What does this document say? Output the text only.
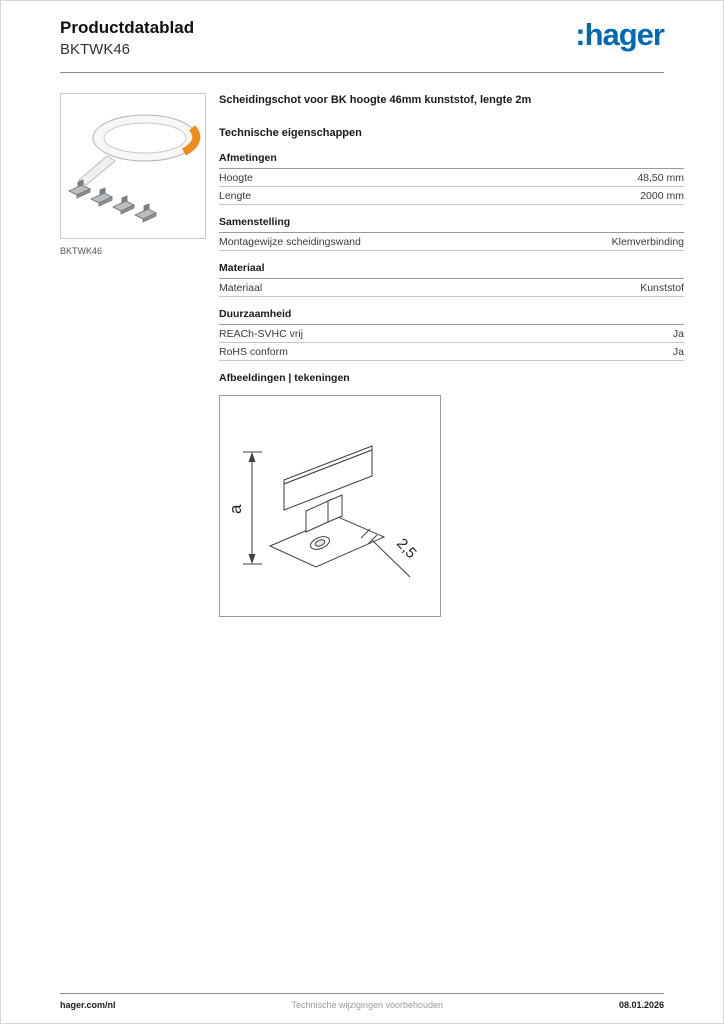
Productdatablad
BKTWK46	:hager
BKTWK46
Scheidingschot voor BK hoogte 46mm kunststof, lengte 2m
Technische eigenschappen
Afmetingen
Hoogte	48,50 mm
Lengte	2000 mm
Samenstelling
Montagewijze scheidingswand	Klemverbinding
Materiaal
Materiaal	Kunststof
Duurzaamheid
REACh-SVHC vrij	Ja
RoHS conform	Ja
Afbeeldingen | tekeningen
a
2,5
hager.com/nl	Technische wijzigingen voorbehouden	08.01.2026
